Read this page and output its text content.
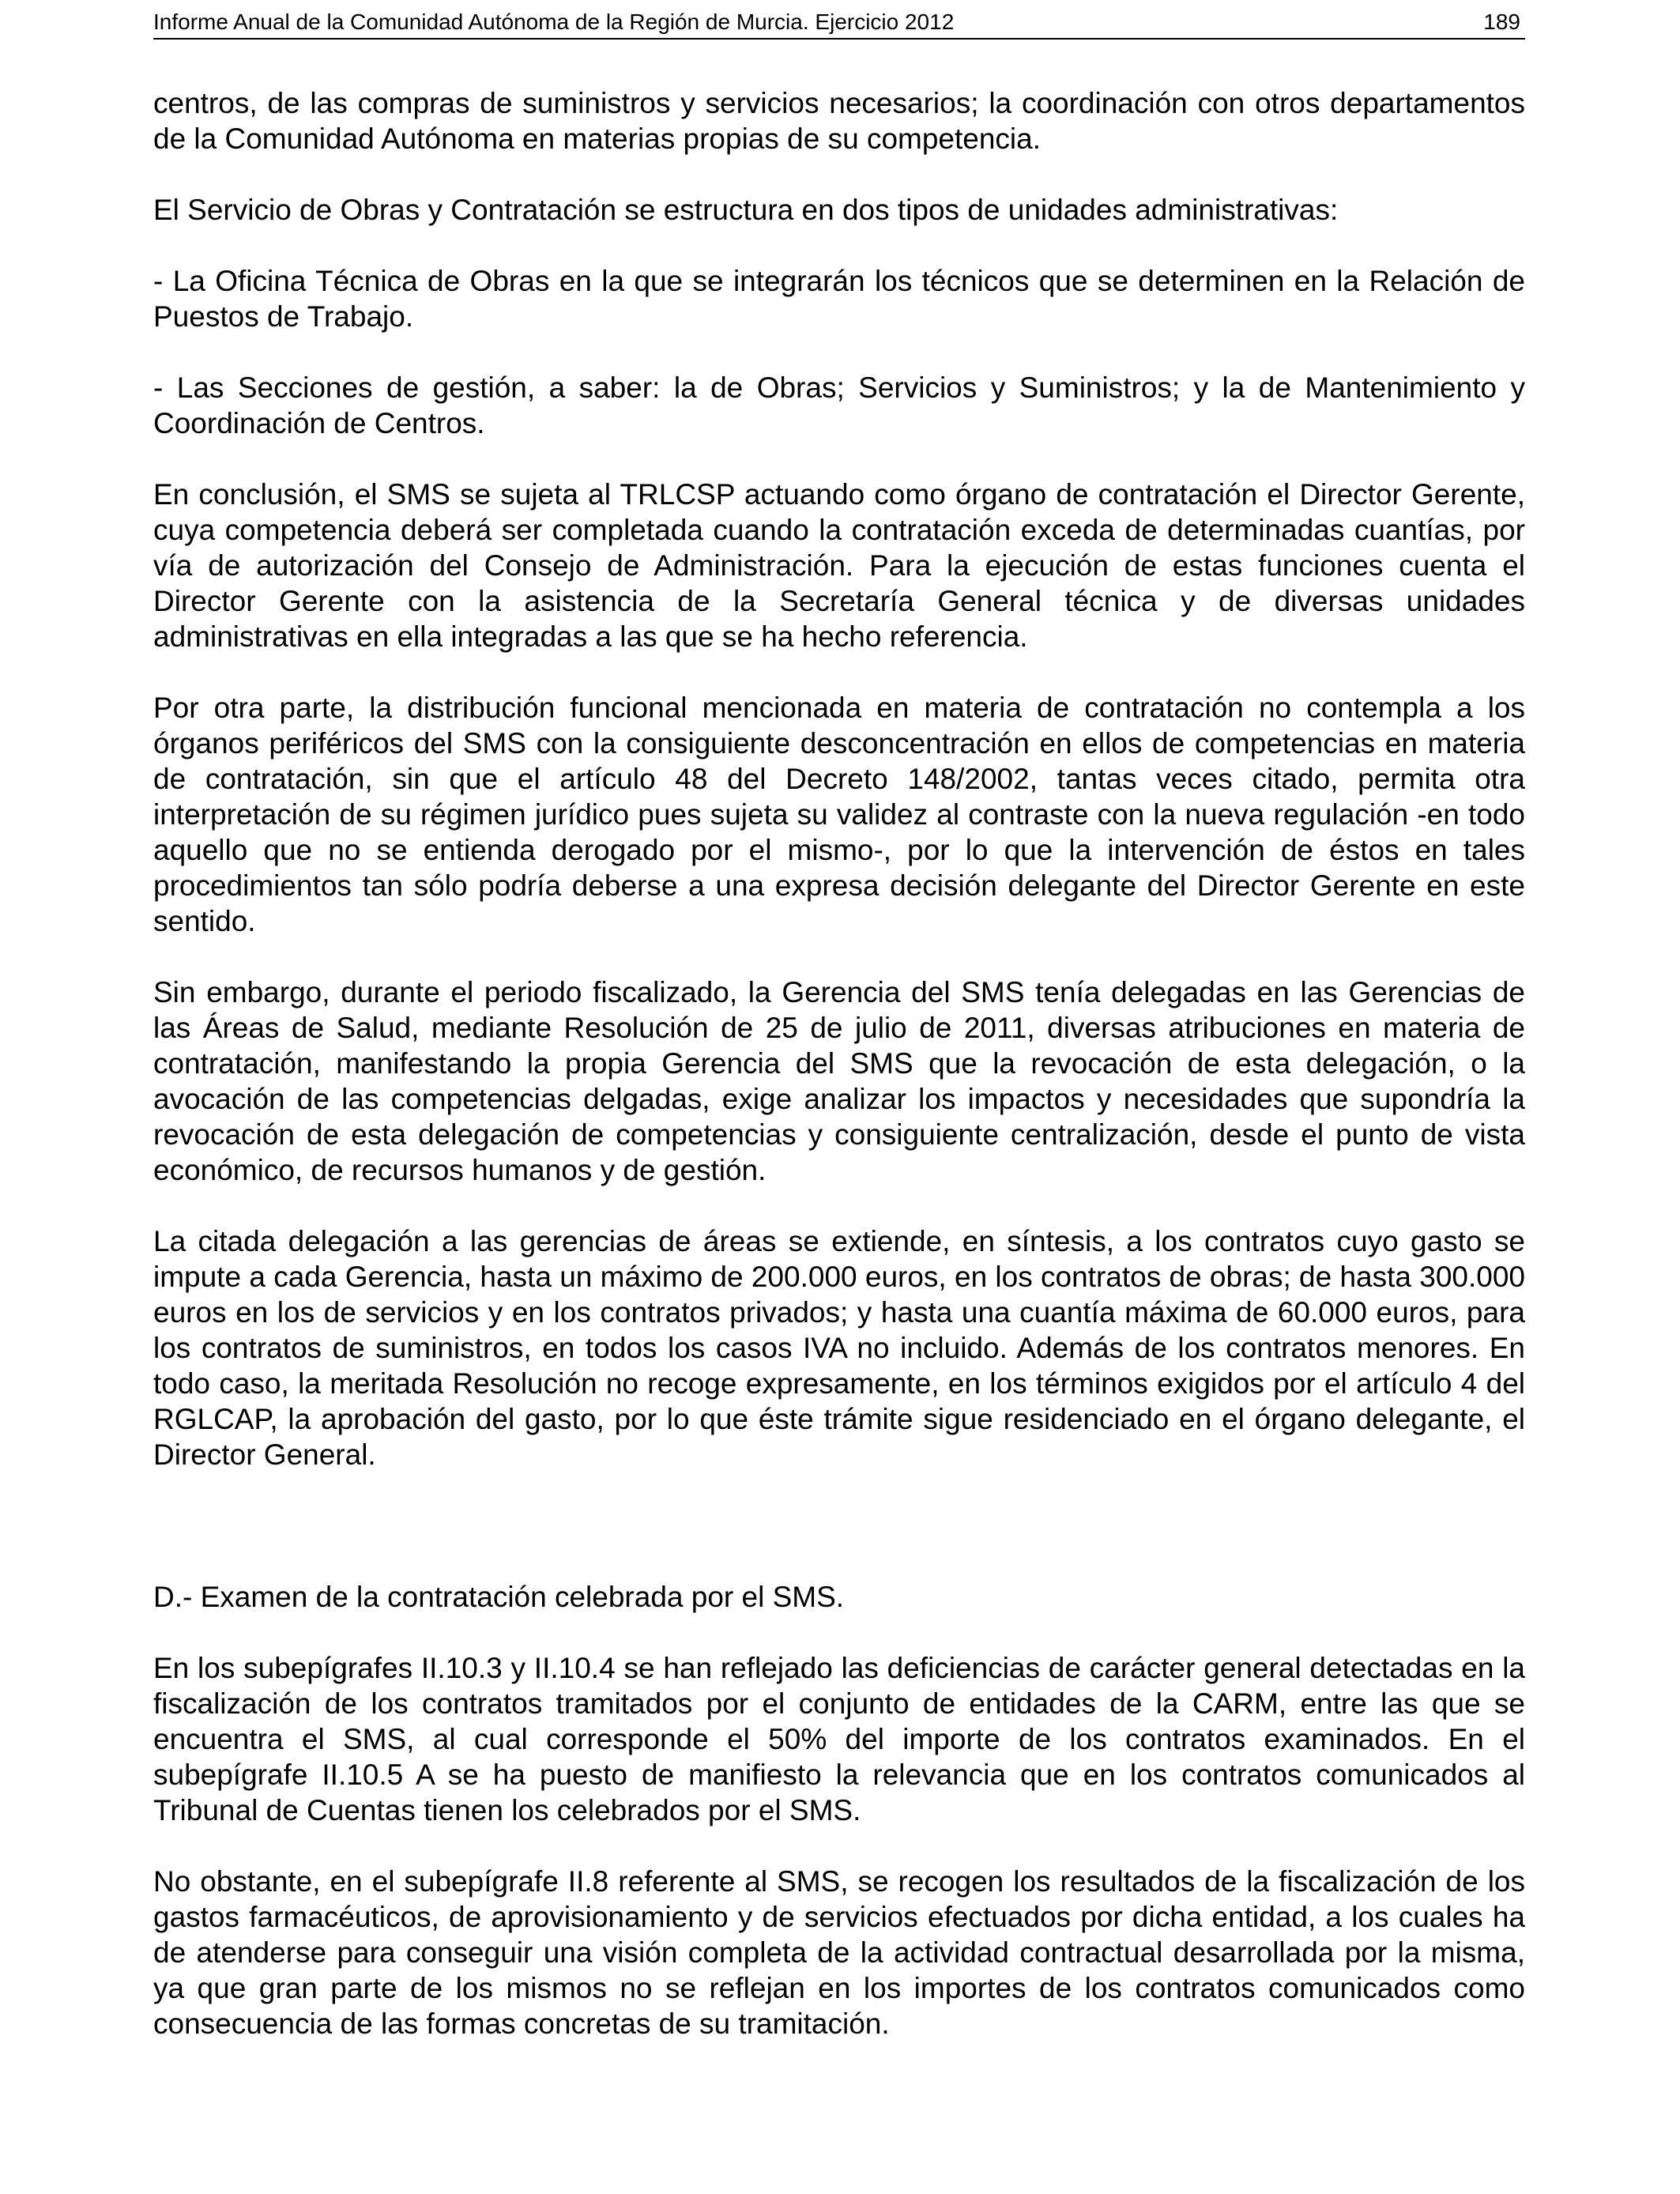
Informe Anual de la Comunidad Autónoma de la Región de Murcia. Ejercicio 2012	189

centros, de las compras de suministros y servicios necesarios; la coordinación con otros departamentos de la Comunidad Autónoma en materias propias de su competencia.

El Servicio de Obras y Contratación se estructura en dos tipos de unidades administrativas:

- La Oficina Técnica de Obras en la que se integrarán los técnicos que se determinen en la Relación de Puestos de Trabajo.

- Las Secciones de gestión, a saber: la de Obras; Servicios y Suministros; y la de Mantenimiento y Coordinación de Centros.

En conclusión, el SMS se sujeta al TRLCSP actuando como órgano de contratación el Director Gerente, cuya competencia deberá ser completada cuando la contratación exceda de determinadas cuantías, por vía de autorización del Consejo de Administración. Para la ejecución de estas funciones cuenta el Director Gerente con la asistencia de la Secretaría General técnica y de diversas unidades administrativas en ella integradas a las que se ha hecho referencia.

Por otra parte, la distribución funcional mencionada en materia de contratación no contempla a los órganos periféricos del SMS con la consiguiente desconcentración en ellos de competencias en materia de contratación, sin que el artículo 48 del Decreto 148/2002, tantas veces citado, permita otra interpretación de su régimen jurídico pues sujeta su validez al contraste con la nueva regulación -en todo aquello que no se entienda derogado por el mismo-, por lo que la intervención de éstos en tales procedimientos tan sólo podría deberse a una expresa decisión delegante del Director Gerente en este sentido.

Sin embargo, durante el periodo fiscalizado, la Gerencia del SMS tenía delegadas en las Gerencias de las Áreas de Salud, mediante Resolución de 25 de julio de 2011, diversas atribuciones en materia de contratación, manifestando la propia Gerencia del SMS que la revocación de esta delegación, o la avocación de las competencias delgadas, exige analizar los impactos y necesidades que supondría la revocación de esta delegación de competencias y consiguiente centralización, desde el punto de vista económico, de recursos humanos y de gestión.

La citada delegación a las gerencias de áreas se extiende, en síntesis, a los contratos cuyo gasto se impute a cada Gerencia, hasta un máximo de 200.000 euros, en los contratos de obras; de hasta 300.000 euros en los de servicios y en los contratos privados; y hasta una cuantía máxima de 60.000 euros, para los contratos de suministros, en todos los casos IVA no incluido. Además de los contratos menores. En todo caso, la meritada Resolución no recoge expresamente, en los términos exigidos por el artículo 4 del RGLCAP, la aprobación del gasto, por lo que éste trámite sigue residenciado en el órgano delegante, el Director General.

D.- Examen de la contratación celebrada por el SMS.

En los subepígrafes II.10.3 y II.10.4 se han reflejado las deficiencias de carácter general detectadas en la fiscalización de los contratos tramitados por el conjunto de entidades de la CARM, entre las que se encuentra el SMS, al cual corresponde el 50% del importe de los contratos examinados. En el subepígrafe II.10.5 A se ha puesto de manifiesto la relevancia que en los contratos comunicados al Tribunal de Cuentas tienen los celebrados por el SMS.

No obstante, en el subepígrafe II.8 referente al SMS, se recogen los resultados de la fiscalización de los gastos farmacéuticos, de aprovisionamiento y de servicios efectuados por dicha entidad, a los cuales ha de atenderse para conseguir una visión completa de la actividad contractual desarrollada por la misma, ya que gran parte de los mismos no se reflejan en los importes de los contratos comunicados como consecuencia de las formas concretas de su tramitación.
